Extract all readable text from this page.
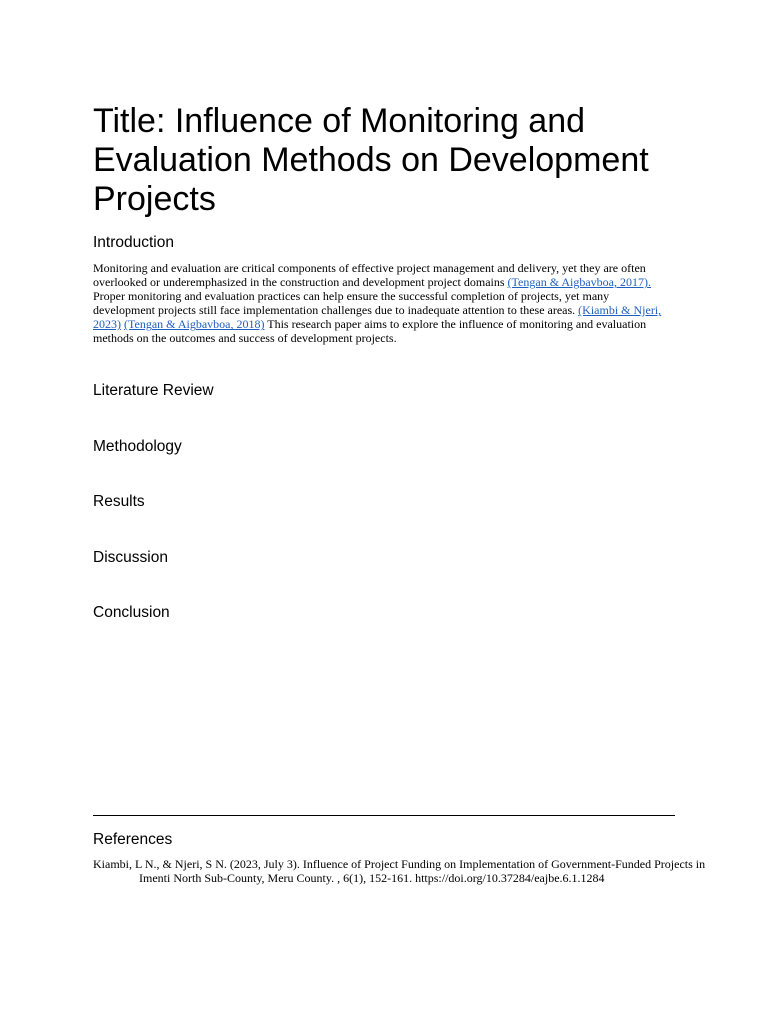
Title: Influence of Monitoring and Evaluation Methods on Development Projects
Introduction

Monitoring and evaluation are critical components of effective project management and delivery, yet they are often overlooked or underemphasized in the construction and development project domains (Tengan & Aigbavboa, 2017). Proper monitoring and evaluation practices can help ensure the successful completion of projects, yet many development projects still face implementation challenges due to inadequate attention to these areas. (Kiambi & Njeri, 2023) (Tengan & Aigbavboa, 2018) This research paper aims to explore the influence of monitoring and evaluation methods on the outcomes and success of development projects.

Literature Review
Methodology
Results
Discussion
Conclusion
References

Kiambi, L N., & Njeri, S N. (2023, July 3). Influence of Project Funding on Implementation of Government-Funded Projects in Imenti North Sub-County, Meru County. , 6(1), 152-161. https://doi.org/10.37284/eajbe.6.1.1284
